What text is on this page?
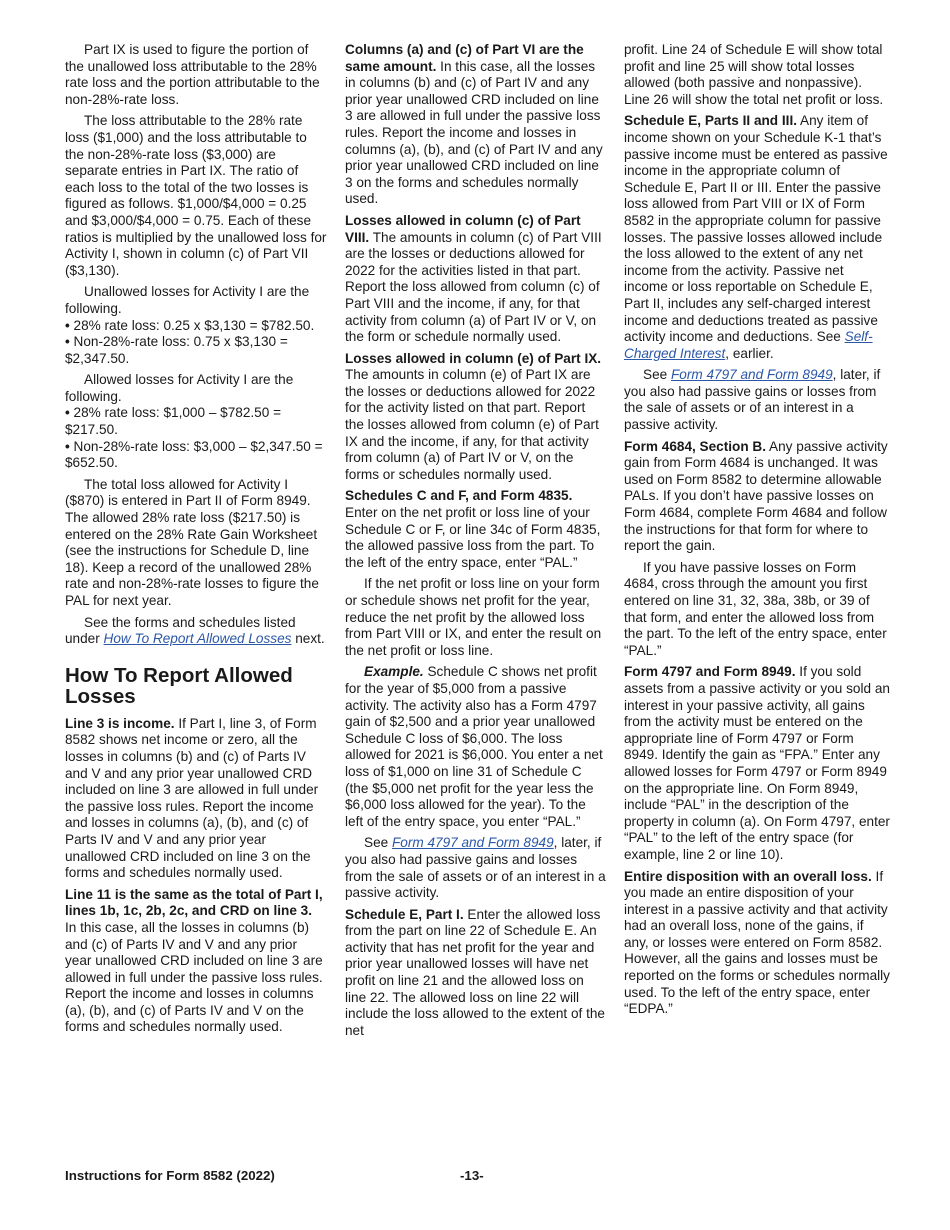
Part IX is used to figure the portion of the unallowed loss attributable to the 28% rate loss and the portion attributable to the non-28%-rate loss.

The loss attributable to the 28% rate loss ($1,000) and the loss attributable to the non-28%-rate loss ($3,000) are separate entries in Part IX. The ratio of each loss to the total of the two losses is figured as follows. $1,000/$4,000 = 0.25 and $3,000/$4,000 = 0.75. Each of these ratios is multiplied by the unallowed loss for Activity I, shown in column (c) of Part VII ($3,130).

Unallowed losses for Activity I are the following.

• 28% rate loss: 0.25 x $3,130 = $782.50.

• Non-28%-rate loss: 0.75 x $3,130 = $2,347.50.

Allowed losses for Activity I are the following.

• 28% rate loss: $1,000 – $782.50 = $217.50.

• Non-28%-rate loss: $3,000 – $2,347.50 = $652.50.

The total loss allowed for Activity I ($870) is entered in Part II of Form 8949. The allowed 28% rate loss ($217.50) is entered on the 28% Rate Gain Worksheet (see the instructions for Schedule D, line 18). Keep a record of the unallowed 28% rate and non-28%-rate losses to figure the PAL for next year.

See the forms and schedules listed under How To Report Allowed Losses next.

How To Report Allowed Losses

Line 3 is income. If Part I, line 3, of Form 8582 shows net income or zero, all the losses in columns (b) and (c) of Parts IV and V and any prior year unallowed CRD included on line 3 are allowed in full under the passive loss rules. Report the income and losses in columns (a), (b), and (c) of Parts IV and V and any prior year unallowed CRD included on line 3 on the forms and schedules normally used.

Line 11 is the same as the total of Part I, lines 1b, 1c, 2b, 2c, and CRD on line 3. In this case, all the losses in columns (b) and (c) of Parts IV and V and any prior year unallowed CRD included on line 3 are allowed in full under the passive loss rules. Report the income and losses in columns (a), (b), and (c) of Parts IV and V on the forms and schedules normally used.

Columns (a) and (c) of Part VI are the same amount. In this case, all the losses in columns (b) and (c) of Part IV and any prior year unallowed CRD included on line 3 are allowed in full under the passive loss rules. Report the income and losses in columns (a), (b), and (c) of Part IV and any prior year unallowed CRD included on line 3 on the forms and schedules normally used.

Losses allowed in column (c) of Part VIII. The amounts in column (c) of Part VIII are the losses or deductions allowed for 2022 for the activities listed in that part. Report the loss allowed from column (c) of Part VIII and the income, if any, for that activity from column (a) of Part IV or V, on the form or schedule normally used.

Losses allowed in column (e) of Part IX. The amounts in column (e) of Part IX are the losses or deductions allowed for 2022 for the activity listed on that part. Report the losses allowed from column (e) of Part IX and the income, if any, for that activity from column (a) of Part IV or V, on the forms or schedules normally used.

Schedules C and F, and Form 4835. Enter on the net profit or loss line of your Schedule C or F, or line 34c of Form 4835, the allowed passive loss from the part. To the left of the entry space, enter “PAL.”

If the net profit or loss line on your form or schedule shows net profit for the year, reduce the net profit by the allowed loss from Part VIII or IX, and enter the result on the net profit or loss line.

Example. Schedule C shows net profit for the year of $5,000 from a passive activity. The activity also has a Form 4797 gain of $2,500 and a prior year unallowed Schedule C loss of $6,000. The loss allowed for 2021 is $6,000. You enter a net loss of $1,000 on line 31 of Schedule C (the $5,000 net profit for the year less the $6,000 loss allowed for the year). To the left of the entry space, you enter “PAL.”

See Form 4797 and Form 8949, later, if you also had passive gains and losses from the sale of assets or of an interest in a passive activity.

Schedule E, Part I. Enter the allowed loss from the part on line 22 of Schedule E. An activity that has net profit for the year and prior year unallowed losses will have net profit on line 21 and the allowed loss on line 22. The allowed loss on line 22 will include the loss allowed to the extent of the net

profit. Line 24 of Schedule E will show total profit and line 25 will show total losses allowed (both passive and nonpassive). Line 26 will show the total net profit or loss.

Schedule E, Parts II and III. Any item of income shown on your Schedule K-1 that’s passive income must be entered as passive income in the appropriate column of Schedule E, Part II or III. Enter the passive loss allowed from Part VIII or IX of Form 8582 in the appropriate column for passive losses. The passive losses allowed include the loss allowed to the extent of any net income from the activity. Passive net income or loss reportable on Schedule E, Part II, includes any self-charged interest income and deductions treated as passive activity income and deductions. See Self-Charged Interest, earlier.

See Form 4797 and Form 8949, later, if you also had passive gains or losses from the sale of assets or of an interest in a passive activity.

Form 4684, Section B. Any passive activity gain from Form 4684 is unchanged. It was used on Form 8582 to determine allowable PALs. If you don’t have passive losses on Form 4684, complete Form 4684 and follow the instructions for that form for where to report the gain.

If you have passive losses on Form 4684, cross through the amount you first entered on line 31, 32, 38a, 38b, or 39 of that form, and enter the allowed loss from the part. To the left of the entry space, enter “PAL.”

Form 4797 and Form 8949. If you sold assets from a passive activity or you sold an interest in your passive activity, all gains from the activity must be entered on the appropriate line of Form 4797 or Form 8949. Identify the gain as “FPA.” Enter any allowed losses for Form 4797 or Form 8949 on the appropriate line. On Form 8949, include “PAL” in the description of the property in column (a). On Form 4797, enter “PAL” to the left of the entry space (for example, line 2 or line 10).

Entire disposition with an overall loss. If you made an entire disposition of your interest in a passive activity and that activity had an overall loss, none of the gains, if any, or losses were entered on Form 8582. However, all the gains and losses must be reported on the forms or schedules normally used. To the left of the entry space, enter “EDPA.”

Instructions for Form 8582 (2022)	-13-
